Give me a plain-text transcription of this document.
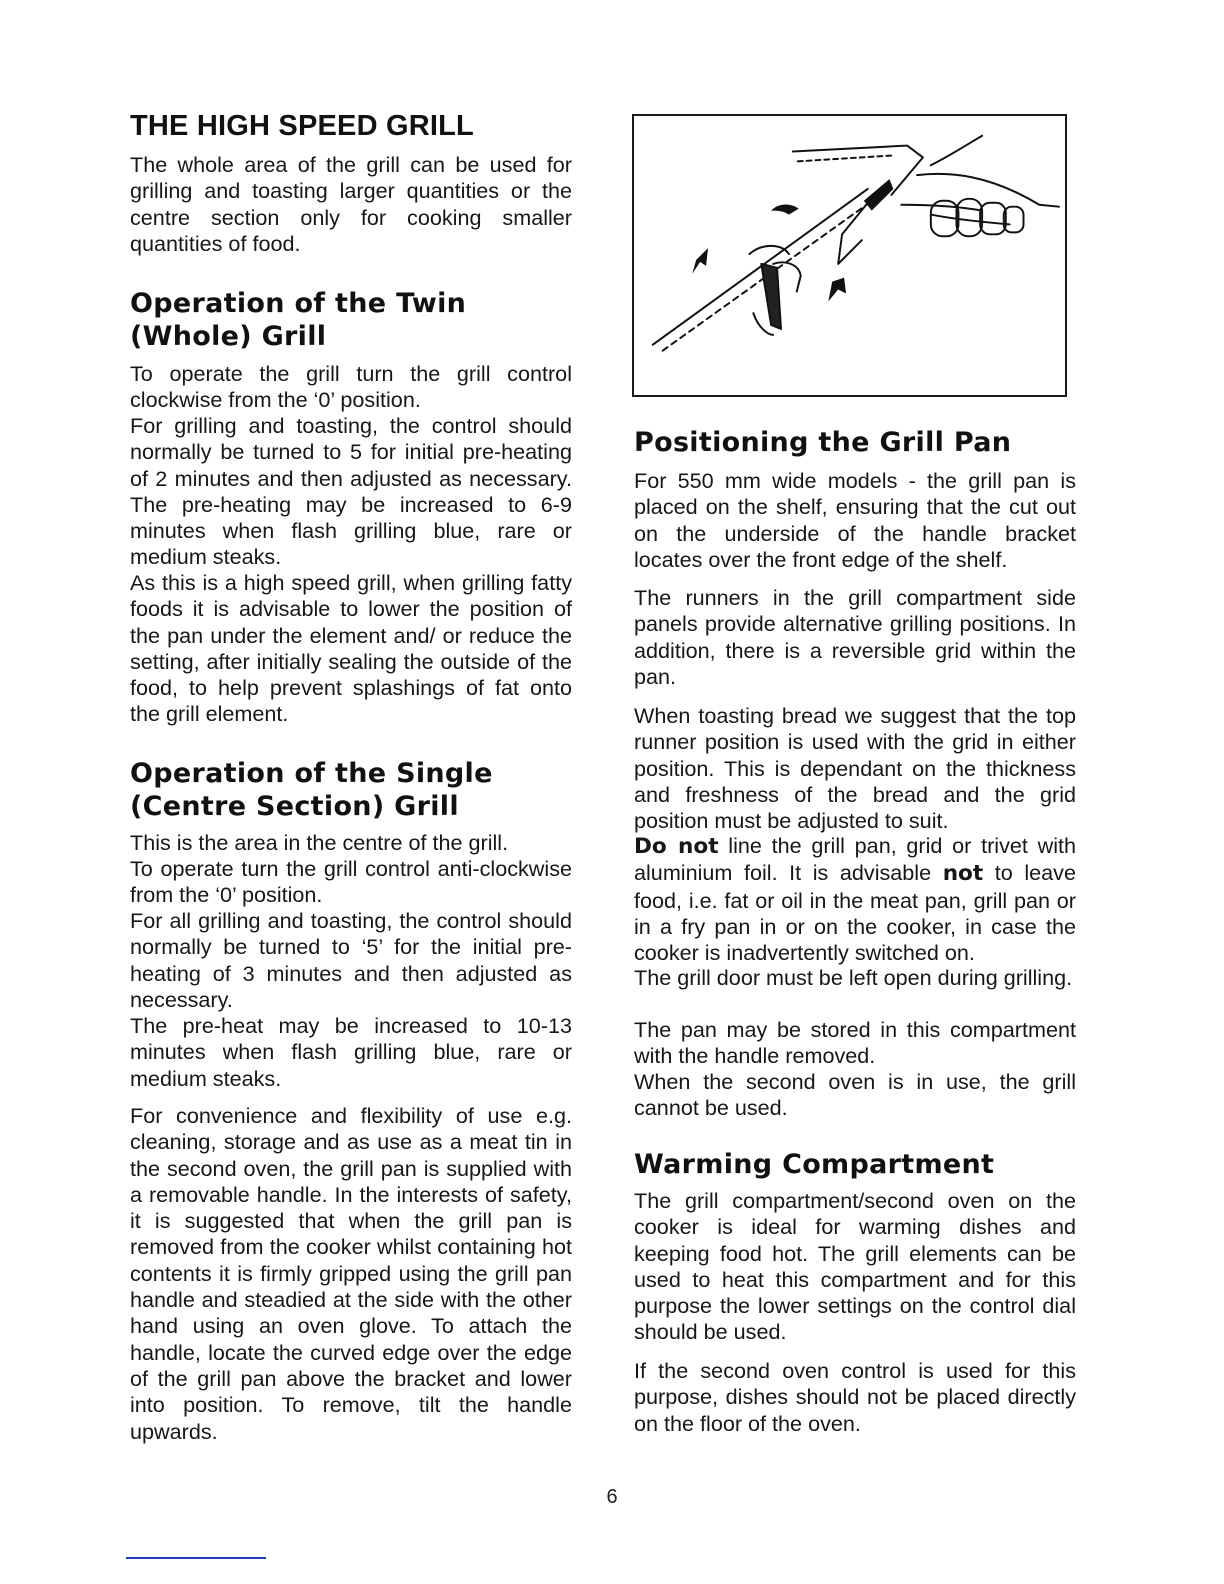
THE HIGH SPEED GRILL

The whole area of the grill can be used for grilling and toasting larger quantities or the centre section only for cooking smaller quantities of food.

Operation of the Twin
(Whole) Grill

To operate the grill turn the grill control clockwise from the ‘0’ position.

For grilling and toasting, the control should normally be turned to 5 for initial pre-heating of 2 minutes and then adjusted as necessary. The pre-heating may be increased to 6-9 minutes when flash grilling blue, rare or medium steaks.

As this is a high speed grill, when grilling fatty foods it is advisable to lower the position of the pan under the element and/ or reduce the setting, after initially sealing the outside of the food, to help prevent splashings of fat onto the grill element.

Operation of the Single
(Centre Section) Grill

This is the area in the centre of the grill.

To operate turn the grill control anti-clockwise from the ‘0’ position.

For all grilling and toasting, the control should normally be turned to ‘5’ for the initial pre-heating of 3 minutes and then adjusted as necessary.

The pre-heat may be increased to 10-13 minutes when flash grilling blue, rare or medium steaks.

For convenience and flexibility of use e.g. cleaning, storage and as use as a meat tin in the second oven, the grill pan is supplied with a removable handle. In the interests of safety, it is suggested that when the grill pan is removed from the cooker whilst containing hot contents it is firmly gripped using the grill pan handle and steadied at the side with the other hand using an oven glove. To attach the handle, locate the curved edge over the edge of the grill pan above the bracket and lower into position. To remove, tilt the handle upwards.

Positioning the Grill Pan

For 550 mm wide models - the grill pan is placed on the shelf, ensuring that the cut out on the underside of the handle bracket locates over the front edge of the shelf.

The runners in the grill compartment side panels provide alternative grilling positions. In addition, there is a reversible grid within the pan.

When toasting bread we suggest that the top runner position is used with the grid in either position. This is dependant on the thickness and freshness of the bread and the grid position must be adjusted to suit.

Do not line the grill pan, grid or trivet with aluminium foil. It is advisable not to leave food, i.e. fat or oil in the meat pan, grill pan or in a fry pan in or on the cooker, in case the cooker is inadvertently switched on.

The grill door must be left open during grilling.

The pan may be stored in this compartment with the handle removed.

When the second oven is in use, the grill cannot be used.

Warming Compartment

The grill compartment/second oven on the cooker is ideal for warming dishes and keeping food hot. The grill elements can be used to heat this compartment and for this purpose the lower settings on the control dial should be used.

If the second oven control is used for this purpose, dishes should not be placed directly on the floor of the oven.

6
